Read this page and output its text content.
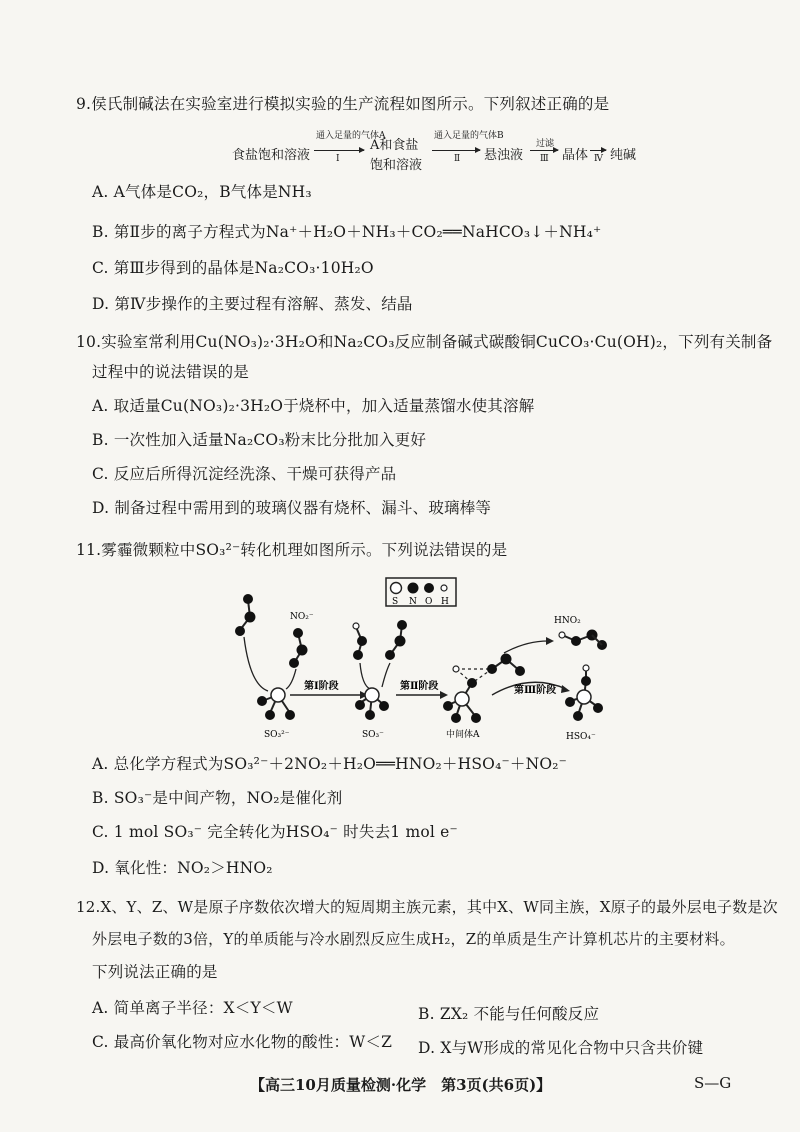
9.侯氏制碱法在实验室进行模拟实验的生产流程如图所示。下列叙述正确的是
食盐饱和溶液
通入足量的气体A
Ⅰ
A和食盐
饱和溶液
通入足量的气体B
Ⅱ 悬浊液
过滤
Ⅲ 晶体 Ⅳ 纯碱
A. A气体是CO₂，B气体是NH₃
B. 第Ⅱ步的离子方程式为Na⁺＋H₂O＋NH₃＋CO₂══NaHCO₃↓＋NH₄⁺
C. 第Ⅲ步得到的晶体是Na₂CO₃·10H₂O
D. 第Ⅳ步操作的主要过程有溶解、蒸发、结晶
10.实验室常利用Cu(NO₃)₂·3H₂O和Na₂CO₃反应制备碱式碳酸铜CuCO₃·Cu(OH)₂，下列有关制备
过程中的说法错误的是
A. 取适量Cu(NO₃)₂·3H₂O于烧杯中，加入适量蒸馏水使其溶解
B. 一次性加入适量Na₂CO₃粉末比分批加入更好
C. 反应后所得沉淀经洗涤、干燥可获得产品
D. 制备过程中需用到的玻璃仪器有烧杯、漏斗、玻璃棒等
11.雾霾微颗粒中SO₃²⁻转化机理如图所示。下列说法错误的是
S N O H
NO₂⁻
SO₃²⁻
第Ⅰ阶段
SO₃⁻
第Ⅱ阶段
中间体A
第Ⅲ阶段
HNO₂
HSO₄⁻
A. 总化学方程式为SO₃²⁻＋2NO₂＋H₂O══HNO₂＋HSO₄⁻＋NO₂⁻
B. SO₃⁻是中间产物，NO₂是催化剂
C. 1 mol SO₃⁻ 完全转化为HSO₄⁻ 时失去1 mol e⁻
D. 氧化性：NO₂＞HNO₂
12.X、Y、Z、W是原子序数依次增大的短周期主族元素，其中X、W同主族，X原子的最外层电子数是次
外层电子数的3倍，Y的单质能与冷水剧烈反应生成H₂，Z的单质是生产计算机芯片的主要材料。
下列说法正确的是
A. 简单离子半径：X＜Y＜W	B. ZX₂ 不能与任何酸反应
C. 最高价氧化物对应水化物的酸性：W＜Z D. X与W形成的常见化合物中只含共价键
【高三10月质量检测·化学　第3页(共6页)】	S—G
